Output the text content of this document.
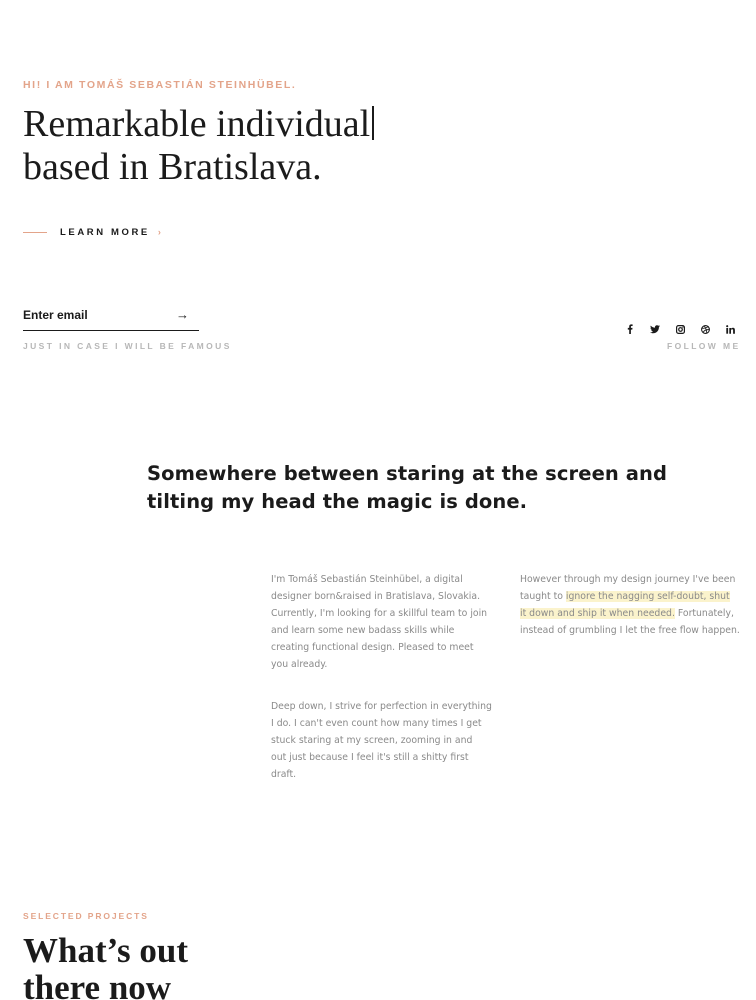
HI! I AM TOMÁŠ SEBASTIÁN STEINHÜBEL.
Remarkable individual
based in Bratislava.
LEARN MORE ›
Enter email
→
JUST IN CASE I WILL BE FAMOUS	FOLLOW ME
Somewhere between staring at the screen and
tilting my head the magic is done.
I'm Tomáš Sebastián Steinhübel, a digital
designer born&raised in Bratislava, Slovakia.
Currently, I'm looking for a skillful team to join
and learn some new badass skills while
creating functional design. Pleased to meet
you already.
Deep down, I strive for perfection in everything
I do. I can't even count how many times I get
stuck staring at my screen, zooming in and
out just because I feel it's still a shitty first
draft.
However through my design journey I've been
taught to ignore the nagging self-doubt, shut
it down and ship it when needed. Fortunately,
instead of grumbling I let the free flow happen.
SELECTED PROJECTS
What’s out
there now
